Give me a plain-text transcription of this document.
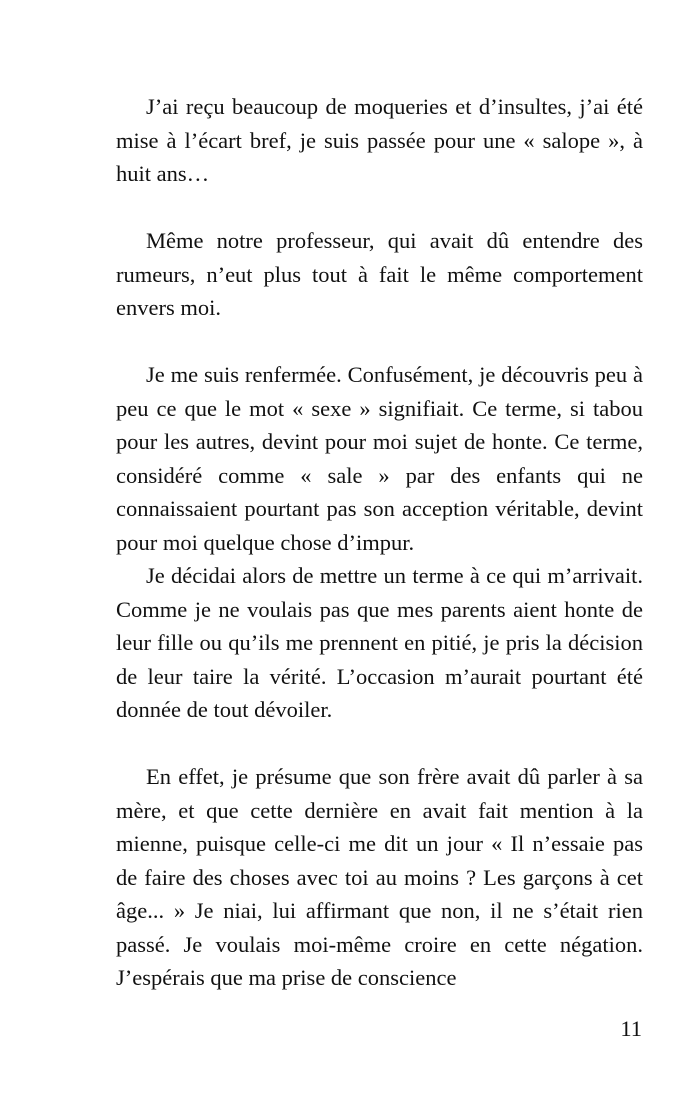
J’ai reçu beaucoup de moqueries et d’insultes, j’ai été mise à l’écart bref, je suis passée pour une « salope », à huit ans…

Même notre professeur, qui avait dû entendre des rumeurs, n’eut plus tout à fait le même comportement envers moi.

Je me suis renfermée. Confusément, je découvris peu à peu ce que le mot « sexe » signifiait. Ce terme, si tabou pour les autres, devint pour moi sujet de honte. Ce terme, considéré comme « sale » par des enfants qui ne connaissaient pourtant pas son acception véritable, devint pour moi quelque chose d’impur.

Je décidai alors de mettre un terme à ce qui m’arrivait. Comme je ne voulais pas que mes parents aient honte de leur fille ou qu’ils me prennent en pitié, je pris la décision de leur taire la vérité. L’occasion m’aurait pourtant été donnée de tout dévoiler.

En effet, je présume que son frère avait dû parler à sa mère, et que cette dernière en avait fait mention à la mienne, puisque celle-ci me dit un jour « Il n’essaie pas de faire des choses avec toi au moins ? Les garçons à cet âge... » Je niai, lui affirmant que non, il ne s’était rien passé. Je voulais moi-même croire en cette négation. J’espérais que ma prise de conscience

11
